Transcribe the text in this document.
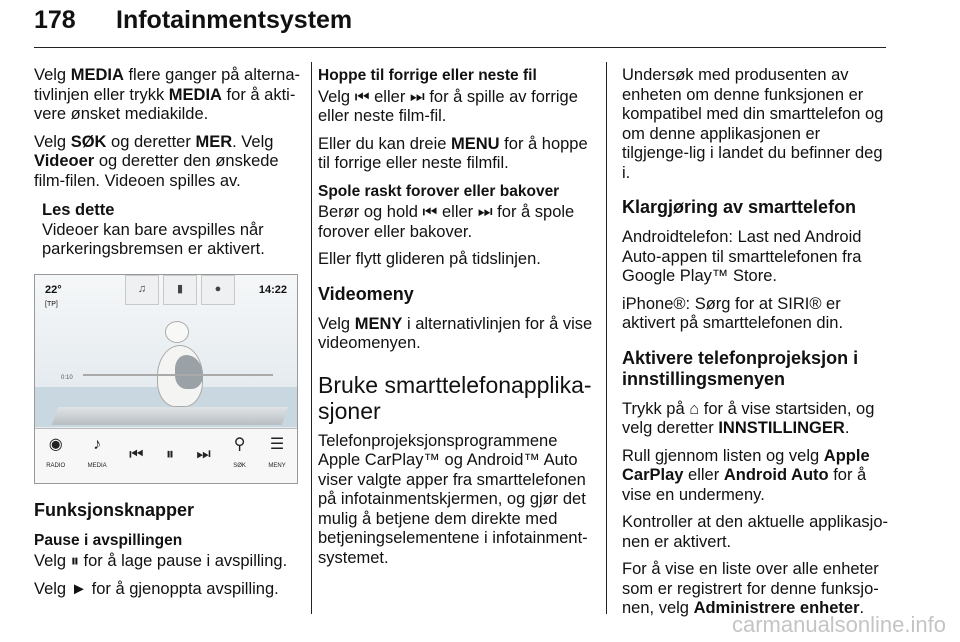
178 Infotainmentsystem

Velg MEDIA flere ganger på alterna-tivlinjen eller trykk MEDIA for å akti-vere ønsket mediakilde.

Velg SØK og deretter MER. Velg Videoer og deretter den ønskede film-filen. Videoen spilles av.

Les dette
Videoer kan bare avspilles når parkeringsbremsen er aktivert.
22°
[TP]
14:22
♫	▮	●
0:10
◉
RADIO
♪
MEDIA
⏮ ⏸ ⏭
⚲
SØK
☰
MENY
Funksjonsknapper
Pause i avspillingen

Velg ⏸ for å lage pause i avspilling.

Velg ► for å gjenoppta avspilling.

Hoppe til forrige eller neste fil

Velg ⏮ eller ⏭ for å spille av forrige eller neste film-fil.

Eller du kan dreie MENU for å hoppe til forrige eller neste filmfil.

Spole raskt forover eller bakover

Berør og hold ⏮ eller ⏭ for å spole forover eller bakover.

Eller flytt glideren på tidslinjen.

Videomeny

Velg MENY i alternativlinjen for å vise videomenyen.

Bruke smarttelefonapplika-sjoner

Telefonprojeksjonsprogrammene Apple CarPlay™ og Android™ Auto viser valgte apper fra smarttelefonen på infotainmentskjermen, og gjør det mulig å betjene dem direkte med betjeningselementene i infotainment-systemet.

Undersøk med produsenten av enheten om denne funksjonen er kompatibel med din smarttelefon og om denne applikasjonen er tilgjenge-lig i landet du befinner deg i.

Klargjøring av smarttelefon

Androidtelefon: Last ned Android Auto-appen til smarttelefonen fra Google Play™ Store.

iPhone®: Sørg for at SIRI® er aktivert på smarttelefonen din.

Aktivere telefonprojeksjon i innstillingsmenyen

Trykk på ⌂ for å vise startsiden, og velg deretter INNSTILLINGER.

Rull gjennom listen og velg Apple CarPlay eller Android Auto for å vise en undermeny.

Kontroller at den aktuelle applikasjo-nen er aktivert.

For å vise en liste over alle enheter som er registrert for denne funksjo-nen, velg Administrere enheter.

carmanualsonline.info
